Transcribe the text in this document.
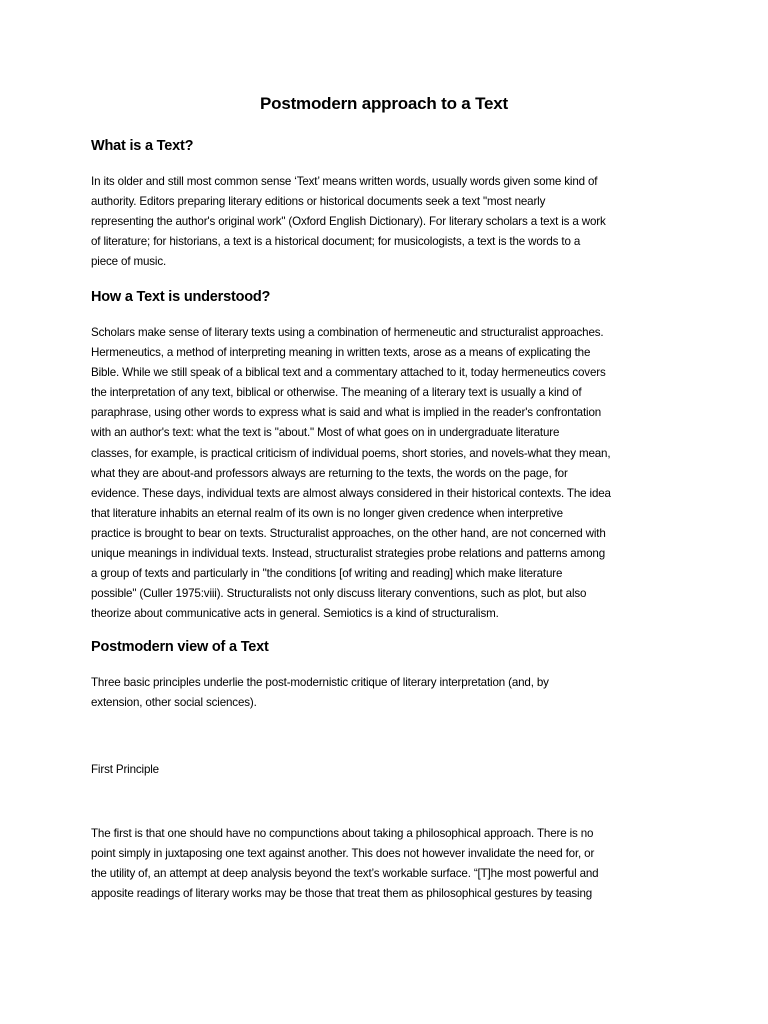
Postmodern approach to a Text
What is a Text?

In its older and still most common sense ‘Text’ means written words, usually words given some kind of

authority. Editors preparing literary editions or historical documents seek a text "most nearly

representing the author's original work" (Oxford English Dictionary). For literary scholars a text is a work

of literature; for historians, a text is a historical document; for musicologists, a text is the words to a

piece of music.

How a Text is understood?

Scholars make sense of literary texts using a combination of hermeneutic and structuralist approaches.

Hermeneutics, a method of interpreting meaning in written texts, arose as a means of explicating the

Bible. While we still speak of a biblical text and a commentary attached to it, today hermeneutics covers

the interpretation of any text, biblical or otherwise. The meaning of a literary text is usually a kind of

paraphrase, using other words to express what is said and what is implied in the reader's confrontation

with an author's text: what the text is "about." Most of what goes on in undergraduate literature

classes, for example, is practical criticism of individual poems, short stories, and novels-what they mean,

what they are about-and professors always are returning to the texts, the words on the page, for

evidence. These days, individual texts are almost always considered in their historical contexts. The idea

that literature inhabits an eternal realm of its own is no longer given credence when interpretive

practice is brought to bear on texts. Structuralist approaches, on the other hand, are not concerned with

unique meanings in individual texts. Instead, structuralist strategies probe relations and patterns among

a group of texts and particularly in "the conditions [of writing and reading] which make literature

possible" (Culler 1975:viii). Structuralists not only discuss literary conventions, such as plot, but also

theorize about communicative acts in general. Semiotics is a kind of structuralism.

Postmodern view of a Text

Three basic principles underlie the post-modernistic critique of literary interpretation (and, by

extension, other social sciences).

First Principle

The first is that one should have no compunctions about taking a philosophical approach. There is no

point simply in juxtaposing one text against another. This does not however invalidate the need for, or

the utility of, an attempt at deep analysis beyond the text’s workable surface. “[T]he most powerful and

apposite readings of literary works may be those that treat them as philosophical gestures by teasing
